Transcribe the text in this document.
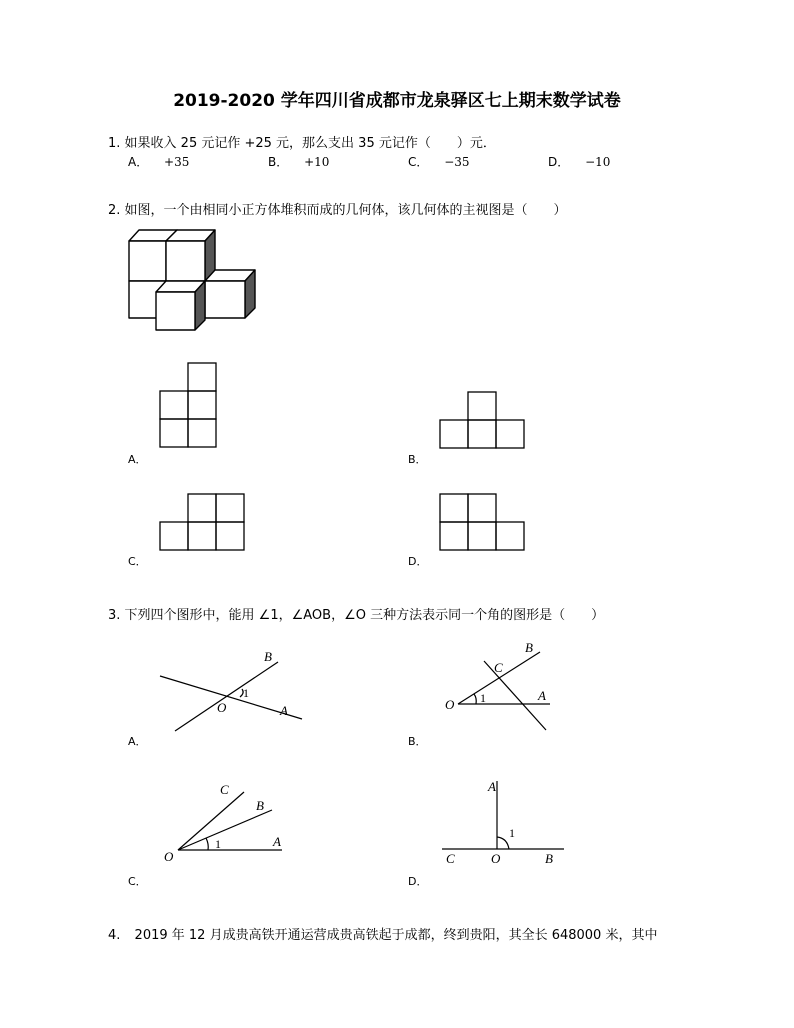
2019-2020 学年四川省成都市龙泉驿区七上期末数学试卷
1. 如果收入 25 元记作 +25 元，那么支出 35 元记作（　　）元．
A． +35	B． +10	C． −35	D． −10
2. 如图，一个由相同小正方体堆积而成的几何体，该几何体的主视图是（　　）
A．	B．
C．	D．
3. 下列四个图形中，能用 ∠1，∠AOB，∠O 三种方法表示同一个角的图形是（　　）
B
1
O	A
A．
B
C
A
O 1
B．
C
B
A
O
1
C．
A
1
C	O	B
D．
4. 2019 年 12 月成贵高铁开通运营成贵高铁起于成都，终到贵阳，其全长 648000 米，其中
